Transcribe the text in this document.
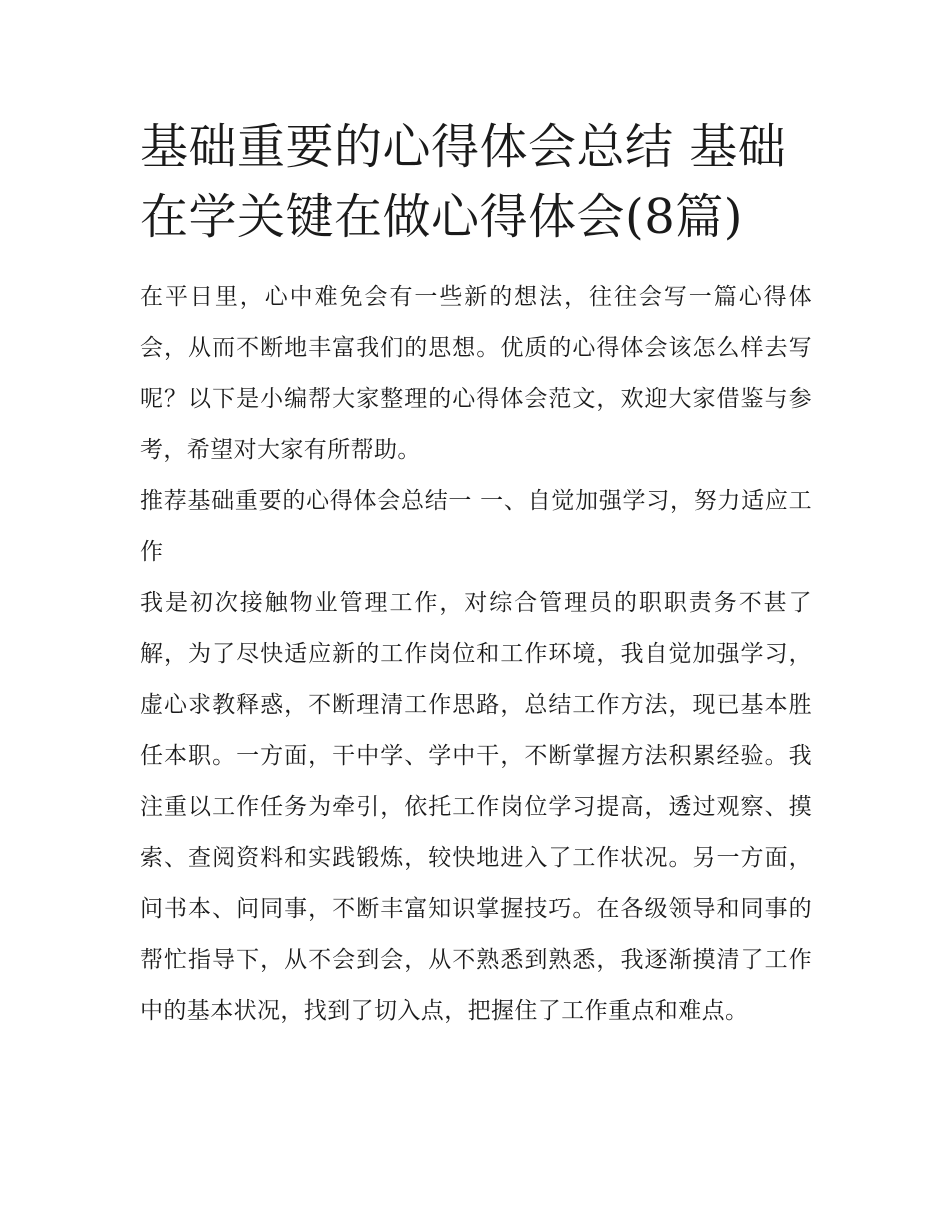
基础重要的心得体会总结 基础在学关键在做心得体会(8篇)

在平日里，心中难免会有一些新的想法，往往会写一篇心得体会，从而不断地丰富我们的思想。优质的心得体会该怎么样去写呢？以下是小编帮大家整理的心得体会范文，欢迎大家借鉴与参考，希望对大家有所帮助。

推荐基础重要的心得体会总结一 一、自觉加强学习，努力适应工作

我是初次接触物业管理工作，对综合管理员的职职责务不甚了解，为了尽快适应新的工作岗位和工作环境，我自觉加强学习，虚心求教释惑，不断理清工作思路，总结工作方法，现已基本胜任本职。一方面，干中学、学中干，不断掌握方法积累经验。我注重以工作任务为牵引，依托工作岗位学习提高，透过观察、摸索、查阅资料和实践锻炼，较快地进入了工作状况。另一方面，问书本、问同事，不断丰富知识掌握技巧。在各级领导和同事的帮忙指导下，从不会到会，从不熟悉到熟悉，我逐渐摸清了工作中的基本状况，找到了切入点，把握住了工作重点和难点。
